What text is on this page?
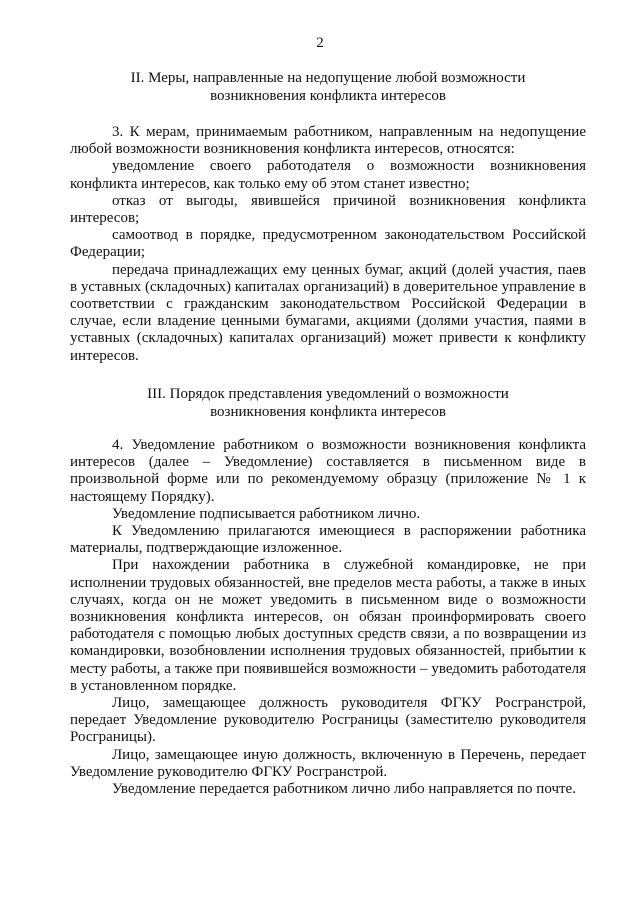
2
II. Меры, направленные на недопущение любой возможности
возникновения конфликта интересов

3. К мерам, принимаемым работником, направленным на недопущение любой возможности возникновения конфликта интересов, относятся:

уведомление своего работодателя о возможности возникновения конфликта интересов, как только ему об этом станет известно;

отказ от выгоды, явившейся причиной возникновения конфликта интересов;

самоотвод в порядке, предусмотренном законодательством Российской Федерации;

передача принадлежащих ему ценных бумаг, акций (долей участия, паев в уставных (складочных) капиталах организаций) в доверительное управление в соответствии с гражданским законодательством Российской Федерации в случае, если владение ценными бумагами, акциями (долями участия, паями в уставных (складочных) капиталах организаций) может привести к конфликту интересов.

III. Порядок представления уведомлений о возможности
возникновения конфликта интересов

4. Уведомление работником о возможности возникновения конфликта интересов (далее – Уведомление) составляется в письменном виде в произвольной форме или по рекомендуемому образцу (приложение № 1 к настоящему Порядку).

Уведомление подписывается работником лично.

К Уведомлению прилагаются имеющиеся в распоряжении работника материалы, подтверждающие изложенное.

При нахождении работника в служебной командировке, не при исполнении трудовых обязанностей, вне пределов места работы, а также в иных случаях, когда он не может уведомить в письменном виде о возможности возникновения конфликта интересов, он обязан проинформировать своего работодателя с помощью любых доступных средств связи, а по возвращении из командировки, возобновлении исполнения трудовых обязанностей, прибытии к месту работы, а также при появившейся возможности – уведомить работодателя в установленном порядке.

Лицо, замещающее должность руководителя ФГКУ Росгранстрой, передает Уведомление руководителю Росграницы (заместителю руководителя Росграницы).

Лицо, замещающее иную должность, включенную в Перечень, передает Уведомление руководителю ФГКУ Росгранстрой.

Уведомление передается работником лично либо направляется по почте.
